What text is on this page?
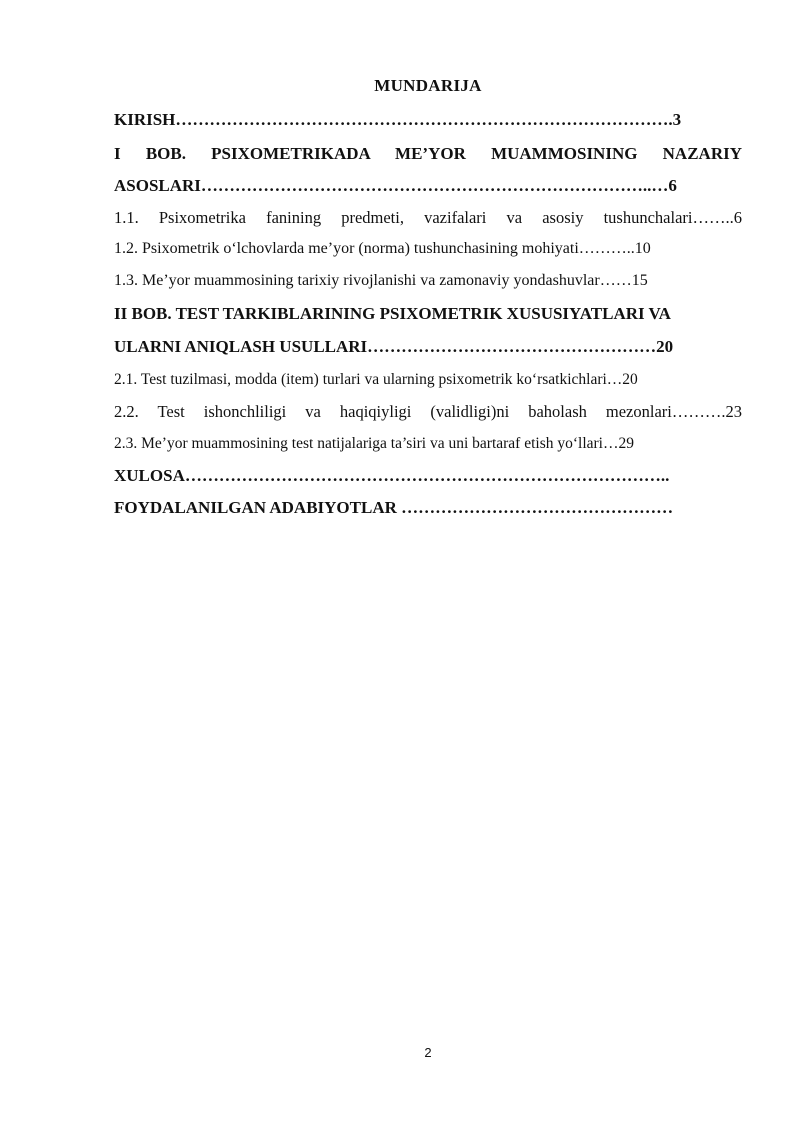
MUNDARIJA
KIRISH…………………………………………………………………………….3
I BOB. PSIXOMETRIKADA ME’YOR MUAMMOSINING NAZARIY
ASOSLARI……………………………………………………………………..…6
1.1. Psixometrika fanining predmeti, vazifalari va asosiy tushunchalari……..6
1.2. Psixometrik o‘lchovlarda me’yor (norma) tushunchasining mohiyati………..10
1.3. Me’yor muammosining tarixiy rivojlanishi va zamonaviy yondashuvlar……15
II BOB. TEST TARKIBLARINING PSIXOMETRIK XUSUSIYATLARI VA
ULARNI ANIQLASH USULLARI……………………………………………20
2.1. Test tuzilmasi, modda (item) turlari va ularning psixometrik ko‘rsatkichlari…20
2.2. Test ishonchliligi va haqiqiyligi (validligi)ni baholash mezonlari……….23
2.3. Me’yor muammosining test natijalariga ta’siri va uni bartaraf etish yo‘llari…29
XULOSA…………………………………………………………………………..
FOYDALANILGAN ADABIYOTLAR …………………………………………
2
